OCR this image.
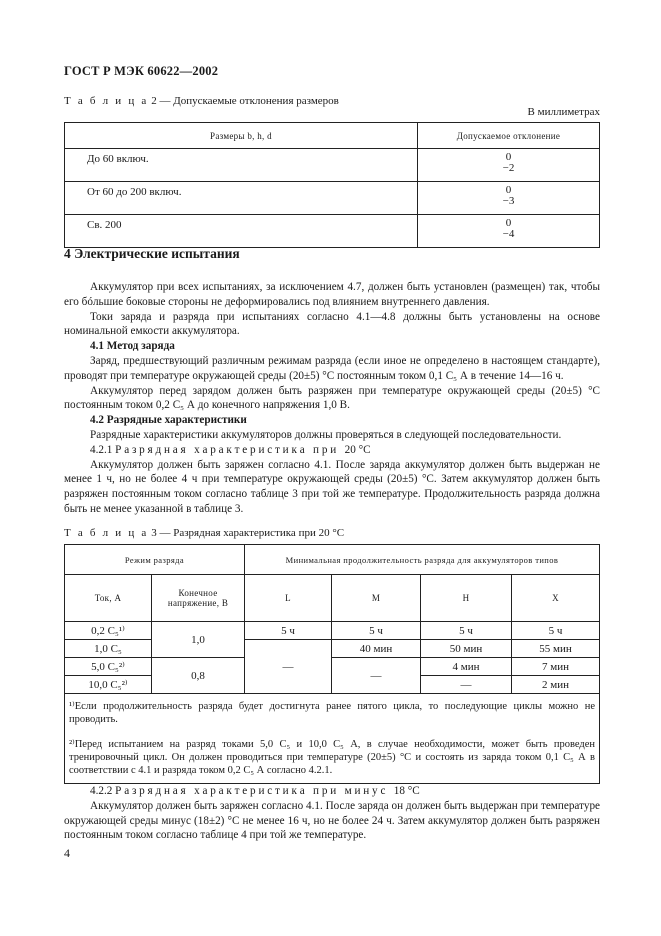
ГОСТ Р МЭК 60622—2002
Т а б л и ц а 2 — Допускаемые отклонения размеров
В миллиметрах
Размеры b, h, d	Допускаемое отклонение
До 60 включ.	0
−2

От 60 до 200 включ.	0
−3

Св. 200	0
−4
4 Электрические испытания
Аккумулятор при всех испытаниях, за исключением 4.7, должен быть установлен (размещен) так, чтобы его бóльшие боковые стороны не деформировались под влиянием внутреннего давления.
Токи заряда и разряда при испытаниях согласно 4.1—4.8 должны быть установлены на основе номинальной емкости аккумулятора.
4.1 Метод заряда
Заряд, предшествующий различным режимам разряда (если иное не определено в настоящем стандарте), проводят при температуре окружающей среды (20±5) °С постоянным током 0,1 C₅ А в течение 14—16 ч.
Аккумулятор перед зарядом должен быть разряжен при температуре окружающей среды (20±5) °С постоянным током 0,2 C₅ А до конечного напряжения 1,0 В.
4.2 Разрядные характеристики
Разрядные характеристики аккумуляторов должны проверяться в следующей последовательности.
4.2.1 Р а з р я д н а я   х а р а к т е р и с т и к а   п р и   20 °С
Аккумулятор должен быть заряжен согласно 4.1. После заряда аккумулятор должен быть выдержан не менее 1 ч, но не более 4 ч при температуре окружающей среды (20±5) °С. Затем аккумулятор должен быть разряжен постоянным током согласно таблице 3 при той же температуре. Продолжительность разряда должна быть не менее указанной в таблице 3.
Т а б л и ц а 3 — Разрядная характеристика при 20 °С
Режим разряда		Минимальная продолжительность разряда для аккумуляторов типов			
Ток, А	Конечное напряжение, В	L	M	H	X
0,2 C₅¹⁾	1,0	5 ч	5 ч	5 ч	5 ч
1,0 C₅		—	40 мин	50 мин	55 мин
5,0 C₅²⁾	0,8		—	4 мин	7 мин
10,0 C₅²⁾				—	2 мин

¹⁾Если продолжительность разряда будет достигнута ранее пятого цикла, то последующие циклы можно не проводить.
²⁾Перед испытанием на разряд токами 5,0 C₅ и 10,0 C₅ А, в случае необходимости, может быть проведен тренировочный цикл. Он должен проводиться при температуре (20±5) °С и состоять из заряда током 0,1 C₅ А в соответствии с 4.1 и разряда током 0,2 C₅ А согласно 4.2.1.					
4.2.2 Р а з р я д н а я   х а р а к т е р и с т и к а   п р и   м и н у с   18 °С
Аккумулятор должен быть заряжен согласно 4.1. После заряда он должен быть выдержан при температуре окружающей среды минус (18±2) °С не менее 16 ч, но не более 24 ч. Затем аккумулятор должен быть разряжен постоянным током согласно таблице 4 при той же температуре.
4
